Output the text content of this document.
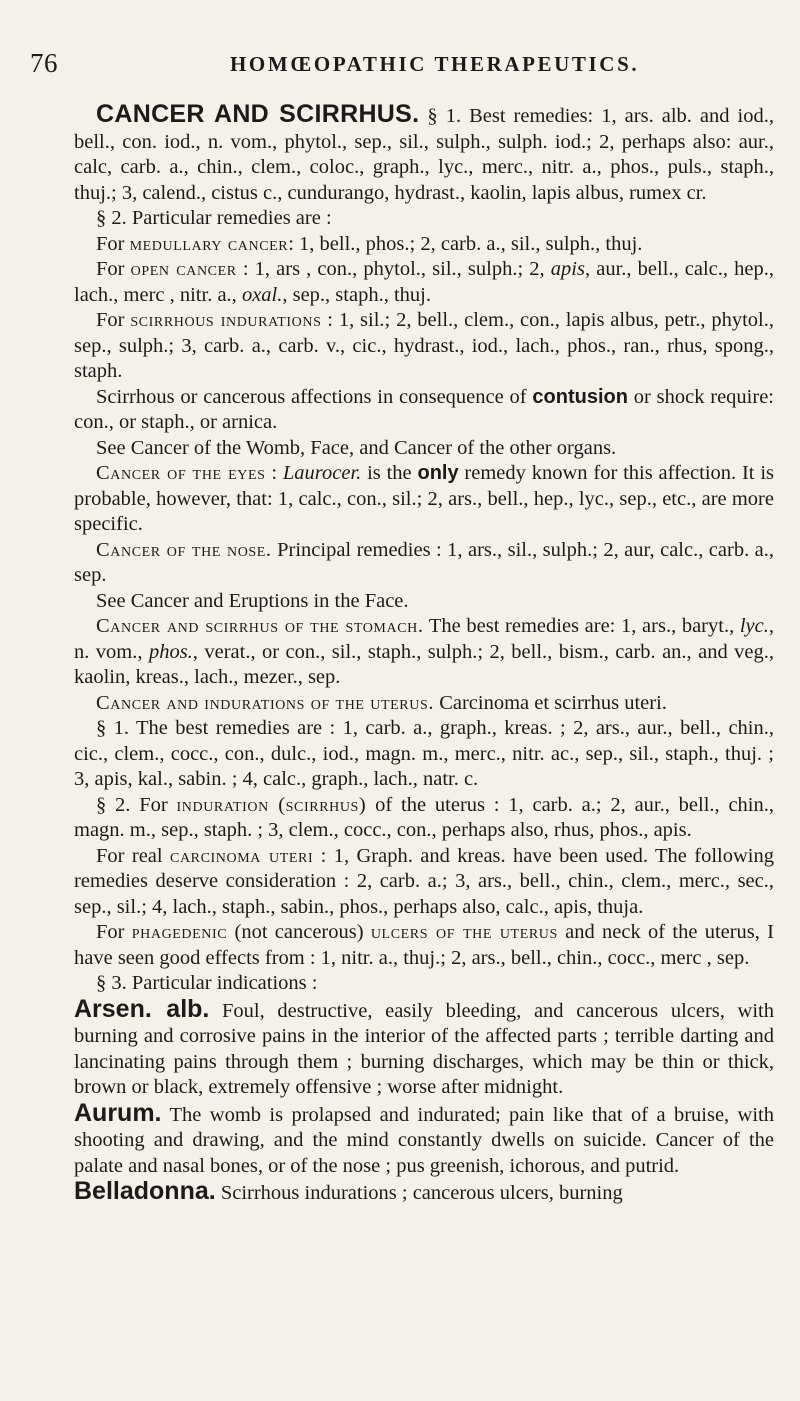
76	HOMŒOPATHIC THERAPEUTICS.

CANCER AND SCIRRHUS. § 1. Best remedies: 1, ars. alb. and iod., bell., con. iod., n. vom., phytol., sep., sil., sulph., sulph. iod.; 2, perhaps also: aur., calc, carb. a., chin., clem., coloc., graph., lyc., merc., nitr. a., phos., puls., staph., thuj.; 3, calend., cistus c., cundurango, hydrast., kaolin, lapis albus, rumex cr.

§ 2. Particular remedies are :

For medullary cancer: 1, bell., phos.; 2, carb. a., sil., sulph., thuj.

For open cancer : 1, ars , con., phytol., sil., sulph.; 2, apis, aur., bell., calc., hep., lach., merc , nitr. a., oxal., sep., staph., thuj.

For scirrhous indurations : 1, sil.; 2, bell., clem., con., lapis albus, petr., phytol., sep., sulph.; 3, carb. a., carb. v., cic., hydrast., iod., lach., phos., ran., rhus, spong., staph.

Scirrhous or cancerous affections in consequence of contusion or shock require: con., or staph., or arnica.

See Cancer of the Womb, Face, and Cancer of the other organs.

Cancer of the eyes : Laurocer. is the only remedy known for this affection. It is probable, however, that: 1, calc., con., sil.; 2, ars., bell., hep., lyc., sep., etc., are more specific.

Cancer of the nose. Principal remedies : 1, ars., sil., sulph.; 2, aur, calc., carb. a., sep.

See Cancer and Eruptions in the Face.

Cancer and scirrhus of the stomach. The best remedies are: 1, ars., baryt., lyc., n. vom., phos., verat., or con., sil., staph., sulph.; 2, bell., bism., carb. an., and veg., kaolin, kreas., lach., mezer., sep.

Cancer and indurations of the uterus. Carcinoma et scirrhus uteri.

§ 1. The best remedies are : 1, carb. a., graph., kreas. ; 2, ars., aur., bell., chin., cic., clem., cocc., con., dulc., iod., magn. m., merc., nitr. ac., sep., sil., staph., thuj. ; 3, apis, kal., sabin. ; 4, calc., graph., lach., natr. c.

§ 2. For induration (scirrhus) of the uterus : 1, carb. a.; 2, aur., bell., chin., magn. m., sep., staph. ; 3, clem., cocc., con., perhaps also, rhus, phos., apis.

For real carcinoma uteri : 1, Graph. and kreas. have been used. The following remedies deserve consideration : 2, carb. a.; 3, ars., bell., chin., clem., merc., sec., sep., sil.; 4, lach., staph., sabin., phos., perhaps also, calc., apis, thuja.

For phagedenic (not cancerous) ulcers of the uterus and neck of the uterus, I have seen good effects from : 1, nitr. a., thuj.; 2, ars., bell., chin., cocc., merc , sep.

§ 3. Particular indications :

Arsen. alb. Foul, destructive, easily bleeding, and cancerous ulcers, with burning and corrosive pains in the interior of the affected parts ; terrible darting and lancinating pains through them ; burning discharges, which may be thin or thick, brown or black, extremely offensive ; worse after midnight.

Aurum. The womb is prolapsed and indurated; pain like that of a bruise, with shooting and drawing, and the mind constantly dwells on suicide. Cancer of the palate and nasal bones, or of the nose ; pus greenish, ichorous, and putrid.

Belladonna. Scirrhous indurations ; cancerous ulcers, burning
